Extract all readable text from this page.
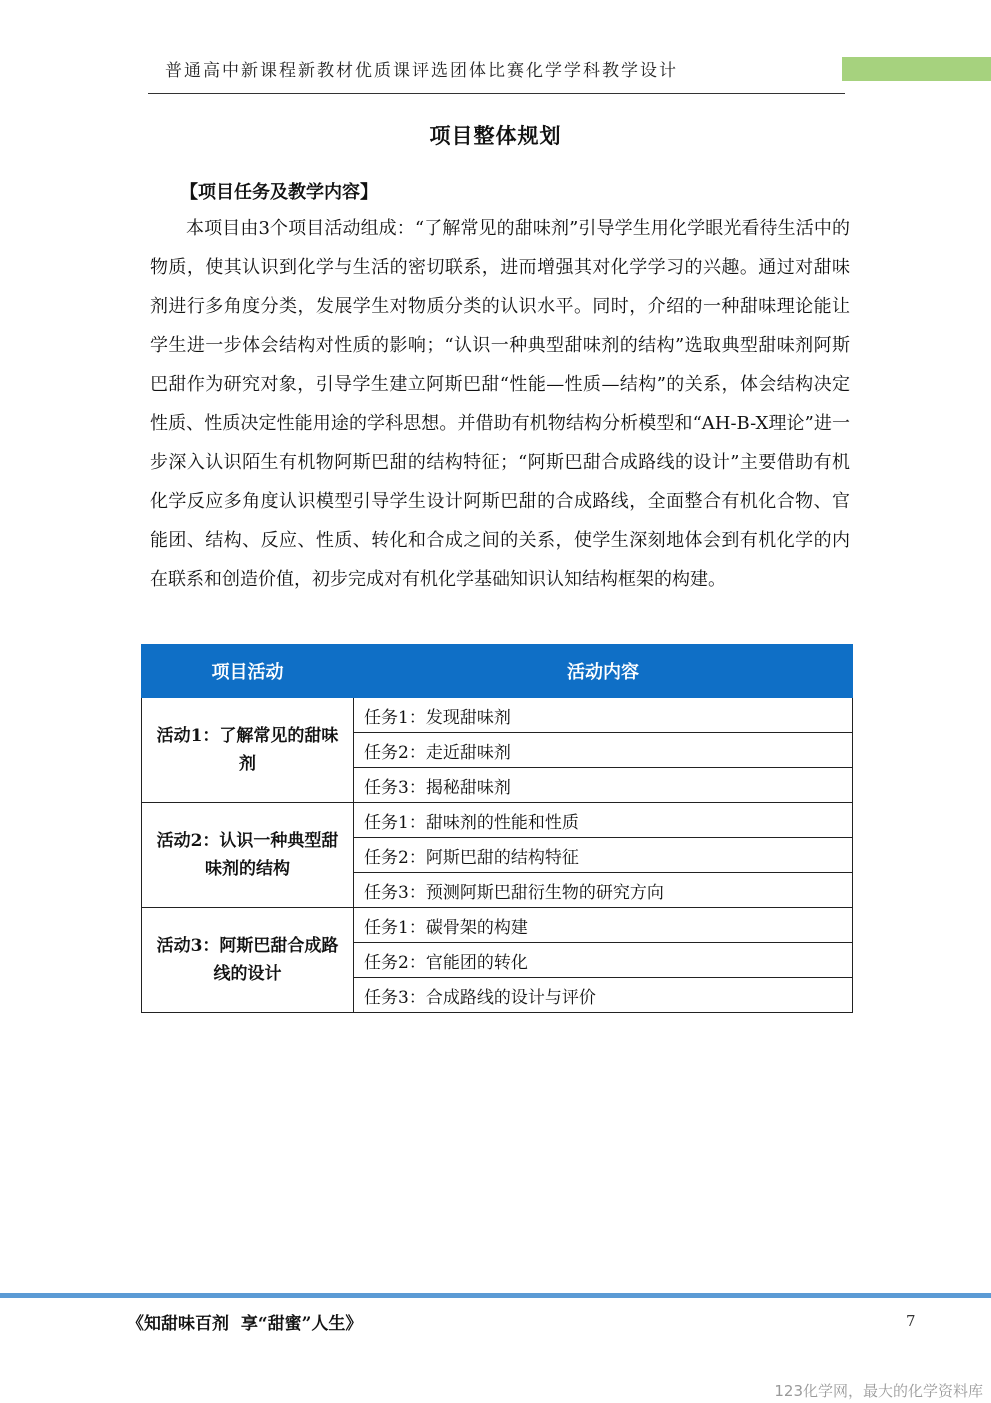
普通高中新课程新教材优质课评选团体比赛化学学科教学设计
项目整体规划
【项目任务及教学内容】
本项目由3个项目活动组成：“了解常见的甜味剂”引导学生用化学眼光看待生活中的物质，使其认识到化学与生活的密切联系，进而增强其对化学学习的兴趣。通过对甜味剂进行多角度分类，发展学生对物质分类的认识水平。同时，介绍的一种甜味理论能让学生进一步体会结构对性质的影响；“认识一种典型甜味剂的结构”选取典型甜味剂阿斯巴甜作为研究对象，引导学生建立阿斯巴甜“性能—性质—结构”的关系，体会结构决定性质、性质决定性能用途的学科思想。并借助有机物结构分析模型和“AH-B-X理论”进一步深入认识陌生有机物阿斯巴甜的结构特征；“阿斯巴甜合成路线的设计”主要借助有机化学反应多角度认识模型引导学生设计阿斯巴甜的合成路线，全面整合有机化合物、官能团、结构、反应、性质、转化和合成之间的关系，使学生深刻地体会到有机化学的内在联系和创造价值，初步完成对有机化学基础知识认知结构框架的构建。
项目活动	活动内容
活动1：了解常见的甜味剂	任务1：发现甜味剂
	任务2：走近甜味剂
	任务3：揭秘甜味剂
活动2：认识一种典型甜味剂的结构	任务1：甜味剂的性能和性质
	任务2：阿斯巴甜的结构特征
	任务3：预测阿斯巴甜衍生物的研究方向
活动3：阿斯巴甜合成路线的设计	任务1：碳骨架的构建
	任务2：官能团的转化
	任务3：合成路线的设计与评价
《知甜味百剂  享“甜蜜”人生》	7
123化学网，最大的化学资料库
